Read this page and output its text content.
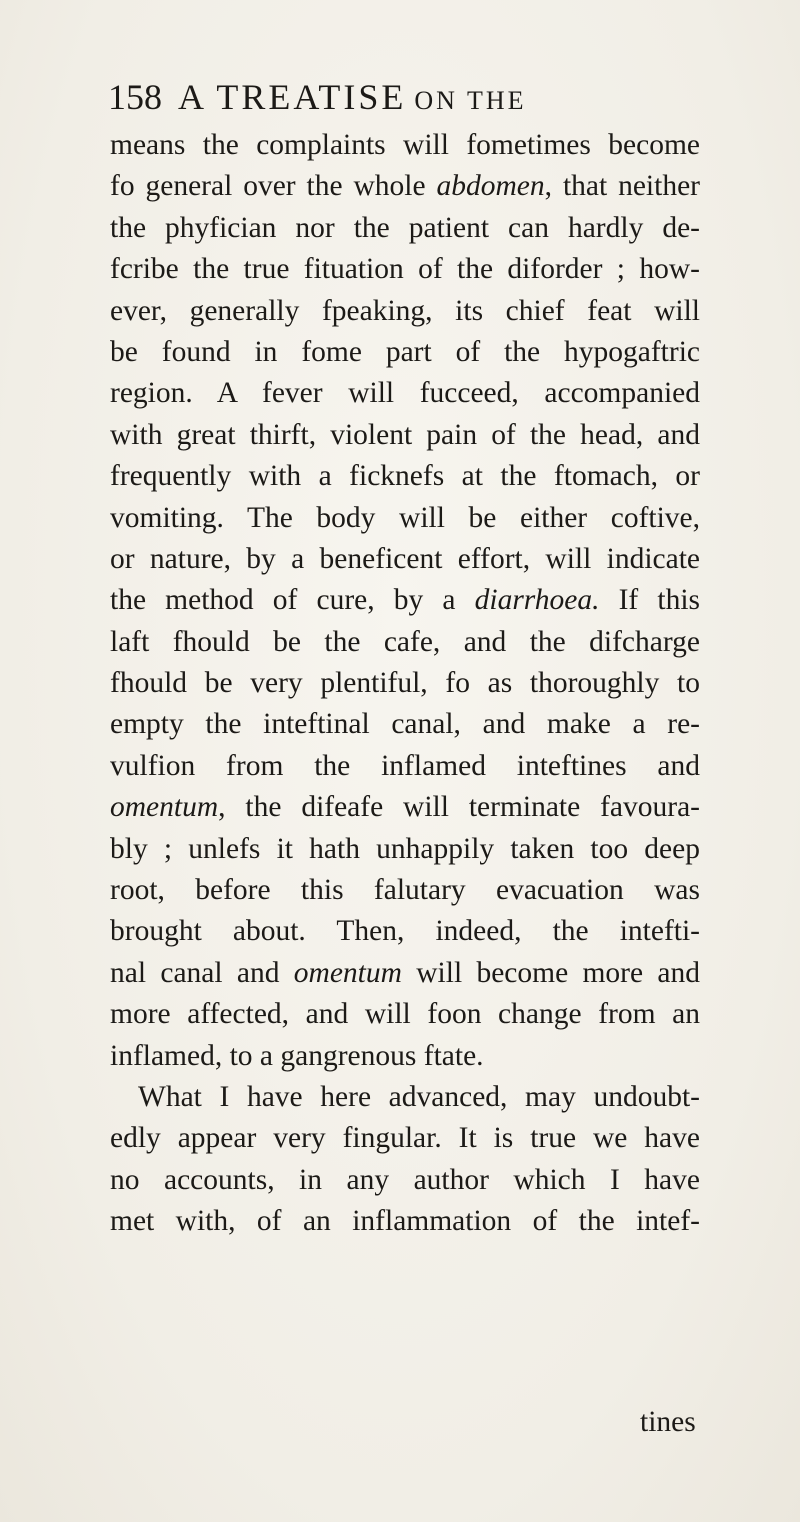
158 A TREATISE ON THE
means the complaints will fometimes become
fo general over the whole abdomen, that neither
the phyfician nor the patient can hardly de-
fcribe the true fituation of the diforder ; how-
ever, generally fpeaking, its chief feat will
be found in fome part of the hypogaftric
region. A fever will fucceed, accompanied
with great thirft, violent pain of the head, and
frequently with a ficknefs at the ftomach, or
vomiting. The body will be either coftive,
or nature, by a beneficent effort, will indicate
the method of cure, by a diarrhoea. If this
laft fhould be the cafe, and the difcharge
fhould be very plentiful, fo as thoroughly to
empty the inteftinal canal, and make a re-
vulfion from the inflamed inteftines and
omentum, the difeafe will terminate favoura-
bly ; unlefs it hath unhappily taken too deep
root, before this falutary evacuation was
brought about. Then, indeed, the intefti-
nal canal and omentum will become more and
more affected, and will foon change from an
inflamed, to a gangrenous ftate.
What I have here advanced, may undoubt-
edly appear very fingular. It is true we have
no accounts, in any author which I have
met with, of an inflammation of the intef-
tines
